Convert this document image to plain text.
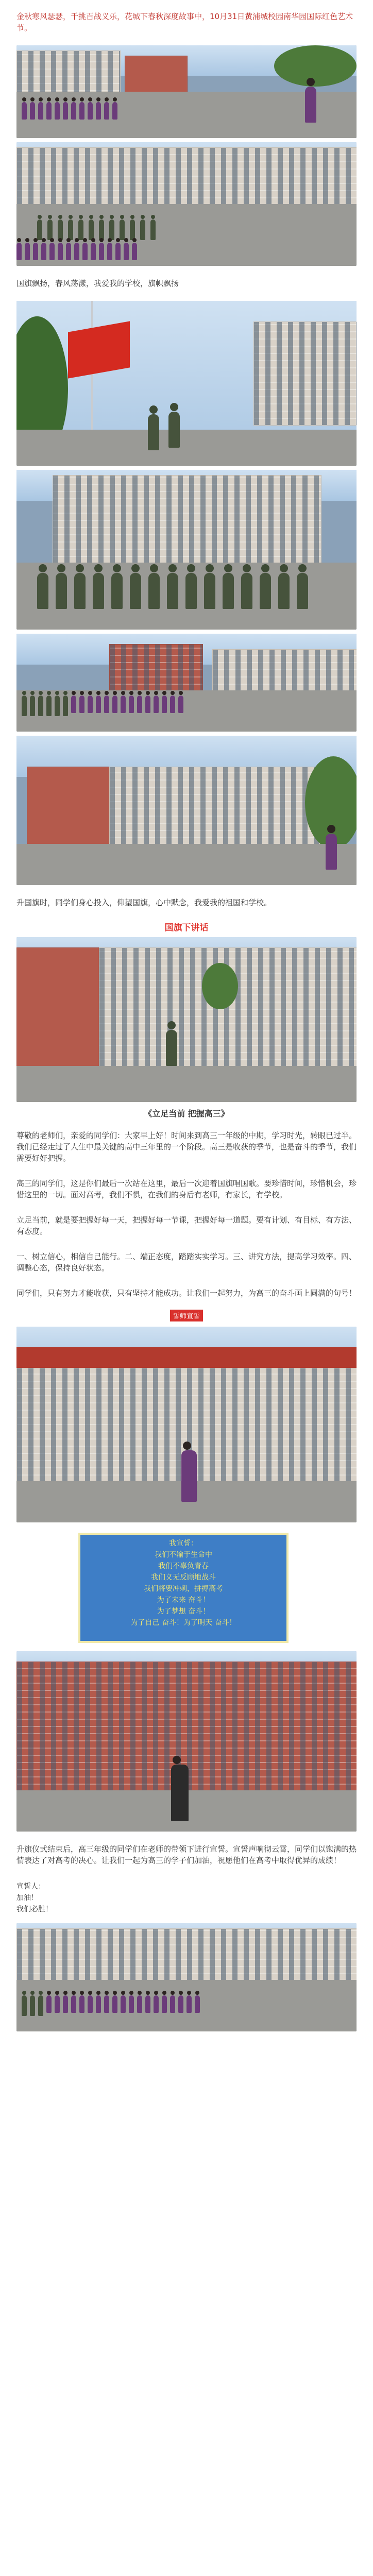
金秋寒风瑟瑟，千挑百战义乐，花城下春秋深度故事中，10月31日黄浦城校园南华园国际红色艺术节。

国旗飘扬，春风荡漾，我爱我的学校，旗帜飘扬

升国旗时，同学们身心投入，仰望国旗，心中默念，我爱我的祖国和学校。

国旗下讲话
《立足当前 把握高三》

尊敬的老师们，亲爱的同学们：大家早上好！时间来到高三一年级的中期，学习时光，转眼已过半。我们已经走过了人生中最关键的高中三年里的一个阶段。高三是收获的季节，也是奋斗的季节，我们需要好好把握。

高三的同学们，这是你们最后一次站在这里，最后一次迎着国旗唱国歌。要珍惜时间，珍惜机会，珍惜这里的一切。面对高考，我们不惧，在我们的身后有老师，有家长，有学校。

立足当前，就是要把握好每一天，把握好每一节课，把握好每一道题。要有计划、有目标、有方法、有态度。

一、树立信心，相信自己能行。二、端正态度，踏踏实实学习。三、讲究方法，提高学习效率。四、调整心态，保持良好状态。

同学们，只有努力才能收获，只有坚持才能成功。让我们一起努力，为高三的奋斗画上圆满的句号！

誓师宣誓

我宣誓：

我们不输于生命中

我们不辜负青春

我们义无反顾地战斗

我们将要冲刺，拼搏高考

为了未来 奋斗！

为了梦想 奋斗！

为了自己 奋斗！为了明天 奋斗！

升旗仪式结束后，高三年级的同学们在老师的带领下进行宣誓。宣誓声响彻云霄，同学们以饱满的热情表达了对高考的决心。让我们一起为高三的学子们加油，祝愿他们在高考中取得优异的成绩！

宣誓人：
加油！
我们必胜！
